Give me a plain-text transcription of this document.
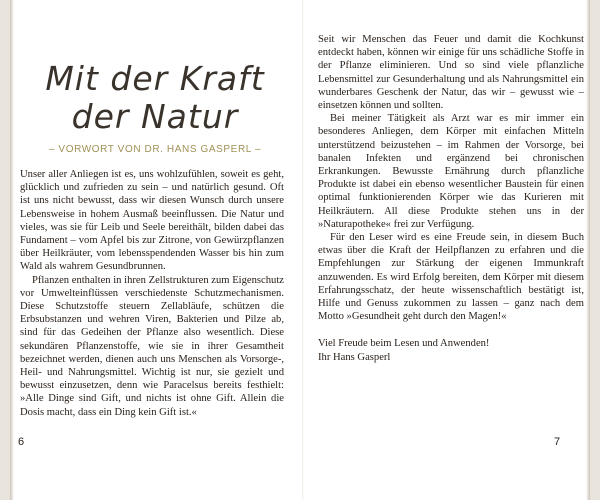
Mit der Kraft
der Natur
– VORWORT VON DR. HANS GASPERL –

Unser aller Anliegen ist es, uns wohlzufühlen, soweit es geht, glücklich und zufrieden zu sein – und natürlich gesund. Oft ist uns nicht bewusst, dass wir diesen Wunsch durch unsere Lebensweise in hohem Ausmaß beeinflussen. Die Natur und vieles, was sie für Leib und Seele bereithält, bilden dabei das Fundament – vom Apfel bis zur Zitrone, von Gewürzpflanzen über Heilkräuter, vom lebensspendenden Wasser bis hin zum Wald als wahrem Gesundbrunnen.

Pflanzen enthalten in ihren Zellstrukturen zum Eigenschutz vor Umwelteinflüssen verschiedenste Schutzmechanismen. Diese Schutzstoffe steuern Zellabläufe, schützen die Erbsubstanzen und wehren Viren, Bakterien und Pilze ab, sind für das Gedeihen der Pflanze also wesentlich. Diese sekundären Pflanzenstoffe, wie sie in ihrer Gesamtheit bezeichnet werden, dienen auch uns Menschen als Vorsorge-, Heil- und Nahrungsmittel. Wichtig ist nur, sie gezielt und bewusst einzusetzen, denn wie Paracelsus bereits festhielt: »Alle Dinge sind Gift, und nichts ist ohne Gift. Allein die Dosis macht, dass ein Ding kein Gift ist.«

6

Seit wir Menschen das Feuer und damit die Kochkunst entdeckt haben, können wir einige für uns schädliche Stoffe in der Pflanze eliminieren. Und so sind viele pflanzliche Lebensmittel zur Gesunderhaltung und als Nahrungsmittel ein wunderbares Geschenk der Natur, das wir – gewusst wie – einsetzen können und sollten.

Bei meiner Tätigkeit als Arzt war es mir immer ein besonderes Anliegen, dem Körper mit einfachen Mitteln unterstützend beizustehen – im Rahmen der Vorsorge, bei banalen Infekten und ergänzend bei chronischen Erkrankungen. Bewusste Ernährung durch pflanzliche Produkte ist dabei ein ebenso wesentlicher Baustein für einen optimal funktionierenden Körper wie das Kurieren mit Heilkräutern. All diese Produkte stehen uns in der »Naturapotheke« frei zur Verfügung.

Für den Leser wird es eine Freude sein, in diesem Buch etwas über die Kraft der Heilpflanzen zu erfahren und die Empfehlungen zur Stärkung der eigenen Immunkraft anzuwenden. Es wird Erfolg bereiten, dem Körper mit diesem Erfahrungsschatz, der heute wissenschaftlich bestätigt ist, Hilfe und Genuss zukommen zu lassen – ganz nach dem Motto »Gesundheit geht durch den Magen!«

Viel Freude beim Lesen und Anwenden!

Ihr Hans Gasperl

7
